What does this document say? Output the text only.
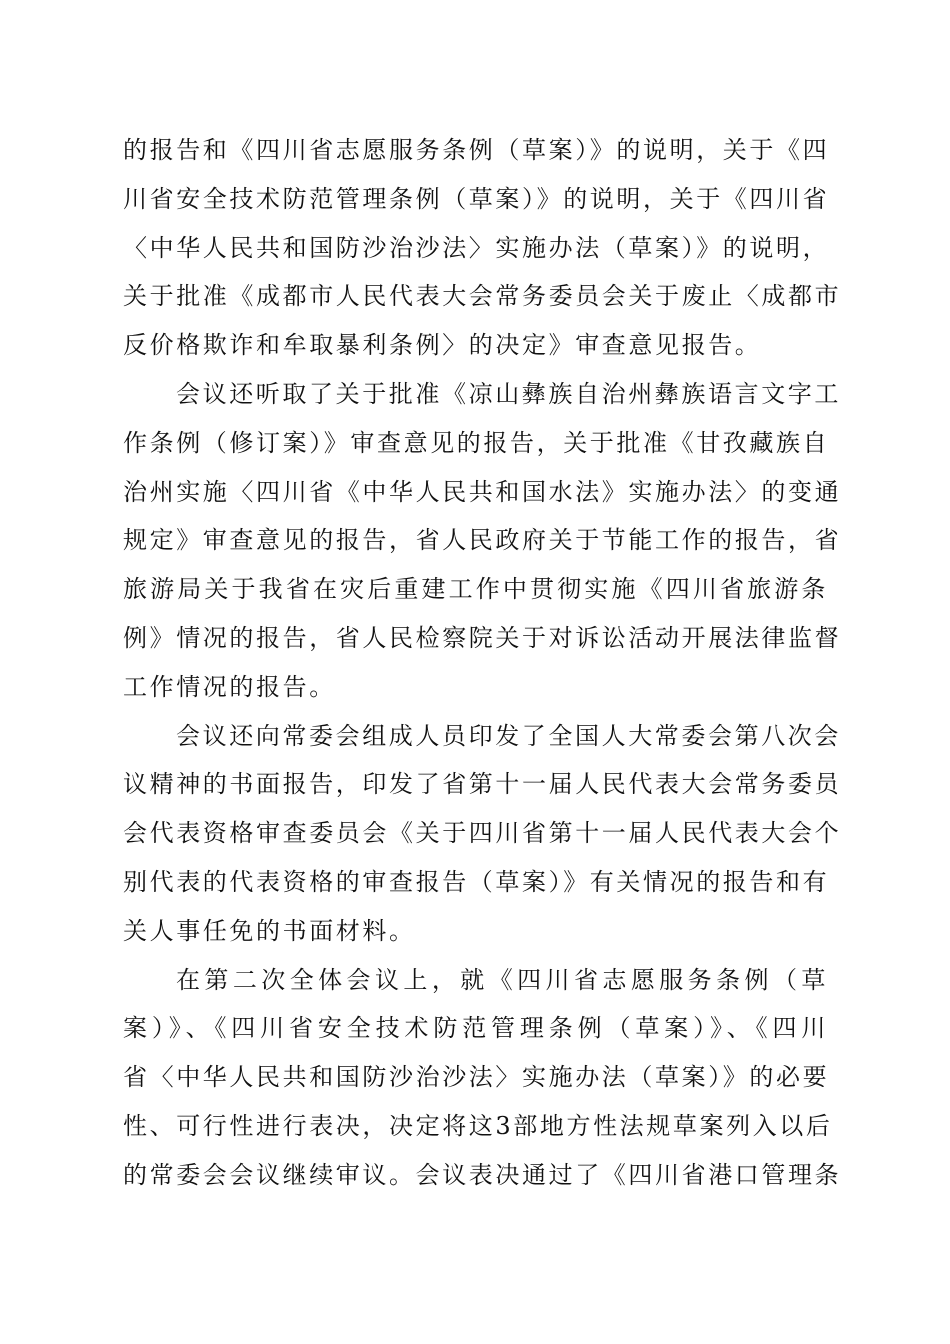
的报告和《四川省志愿服务条例（草案）》的说明，关于《四
川省安全技术防范管理条例（草案）》的说明，关于《四川省
〈中华人民共和国防沙治沙法〉实施办法（草案）》的说明，
关于批准《成都市人民代表大会常务委员会关于废止〈成都市
反价格欺诈和牟取暴利条例〉的决定》审查意见报告。
会议还听取了关于批准《凉山彝族自治州彝族语言文字工
作条例（修订案）》审查意见的报告，关于批准《甘孜藏族自
治州实施〈四川省《中华人民共和国水法》实施办法〉的变通
规定》审查意见的报告，省人民政府关于节能工作的报告，省
旅游局关于我省在灾后重建工作中贯彻实施《四川省旅游条
例》情况的报告，省人民检察院关于对诉讼活动开展法律监督
工作情况的报告。
会议还向常委会组成人员印发了全国人大常委会第八次会
议精神的书面报告，印发了省第十一届人民代表大会常务委员
会代表资格审查委员会《关于四川省第十一届人民代表大会个
别代表的代表资格的审查报告（草案）》有关情况的报告和有
关人事任免的书面材料。
在第二次全体会议上，就《四川省志愿服务条例（草
案）》、《四川省安全技术防范管理条例（草案）》、《四川
省〈中华人民共和国防沙治沙法〉实施办法（草案）》的必要
性、可行性进行表决，决定将这3部地方性法规草案列入以后
的常委会会议继续审议。会议表决通过了《四川省港口管理条
